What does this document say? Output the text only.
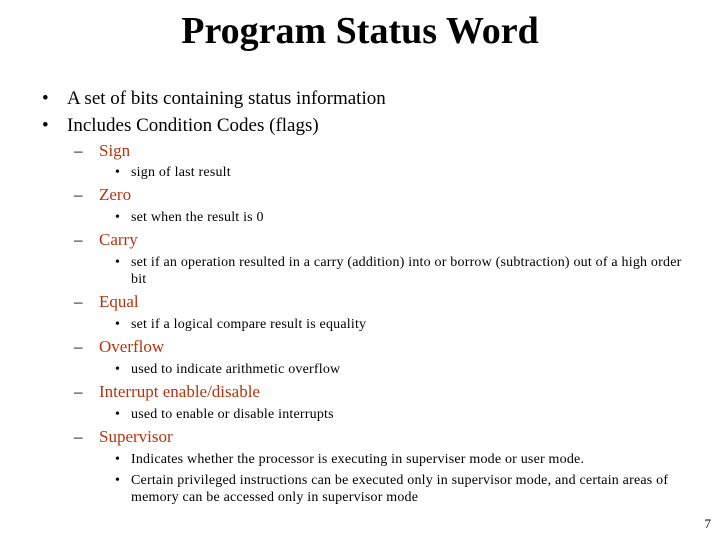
Program Status Word
• A set of bits containing status information
• Includes Condition Codes (flags)
– Sign
• sign of last result
– Zero
• set when the result is 0
– Carry
• set if an operation resulted in a carry (addition) into or borrow (subtraction) out of a high order bit
– Equal
• set if a logical compare result is equality
– Overflow
• used to indicate arithmetic overflow
– Interrupt enable/disable
• used to enable or disable interrupts
– Supervisor
• Indicates whether the processor is executing in superviser mode or user mode.
• Certain privileged instructions can be executed only in supervisor mode, and certain areas of memory can be accessed only in supervisor mode
7
